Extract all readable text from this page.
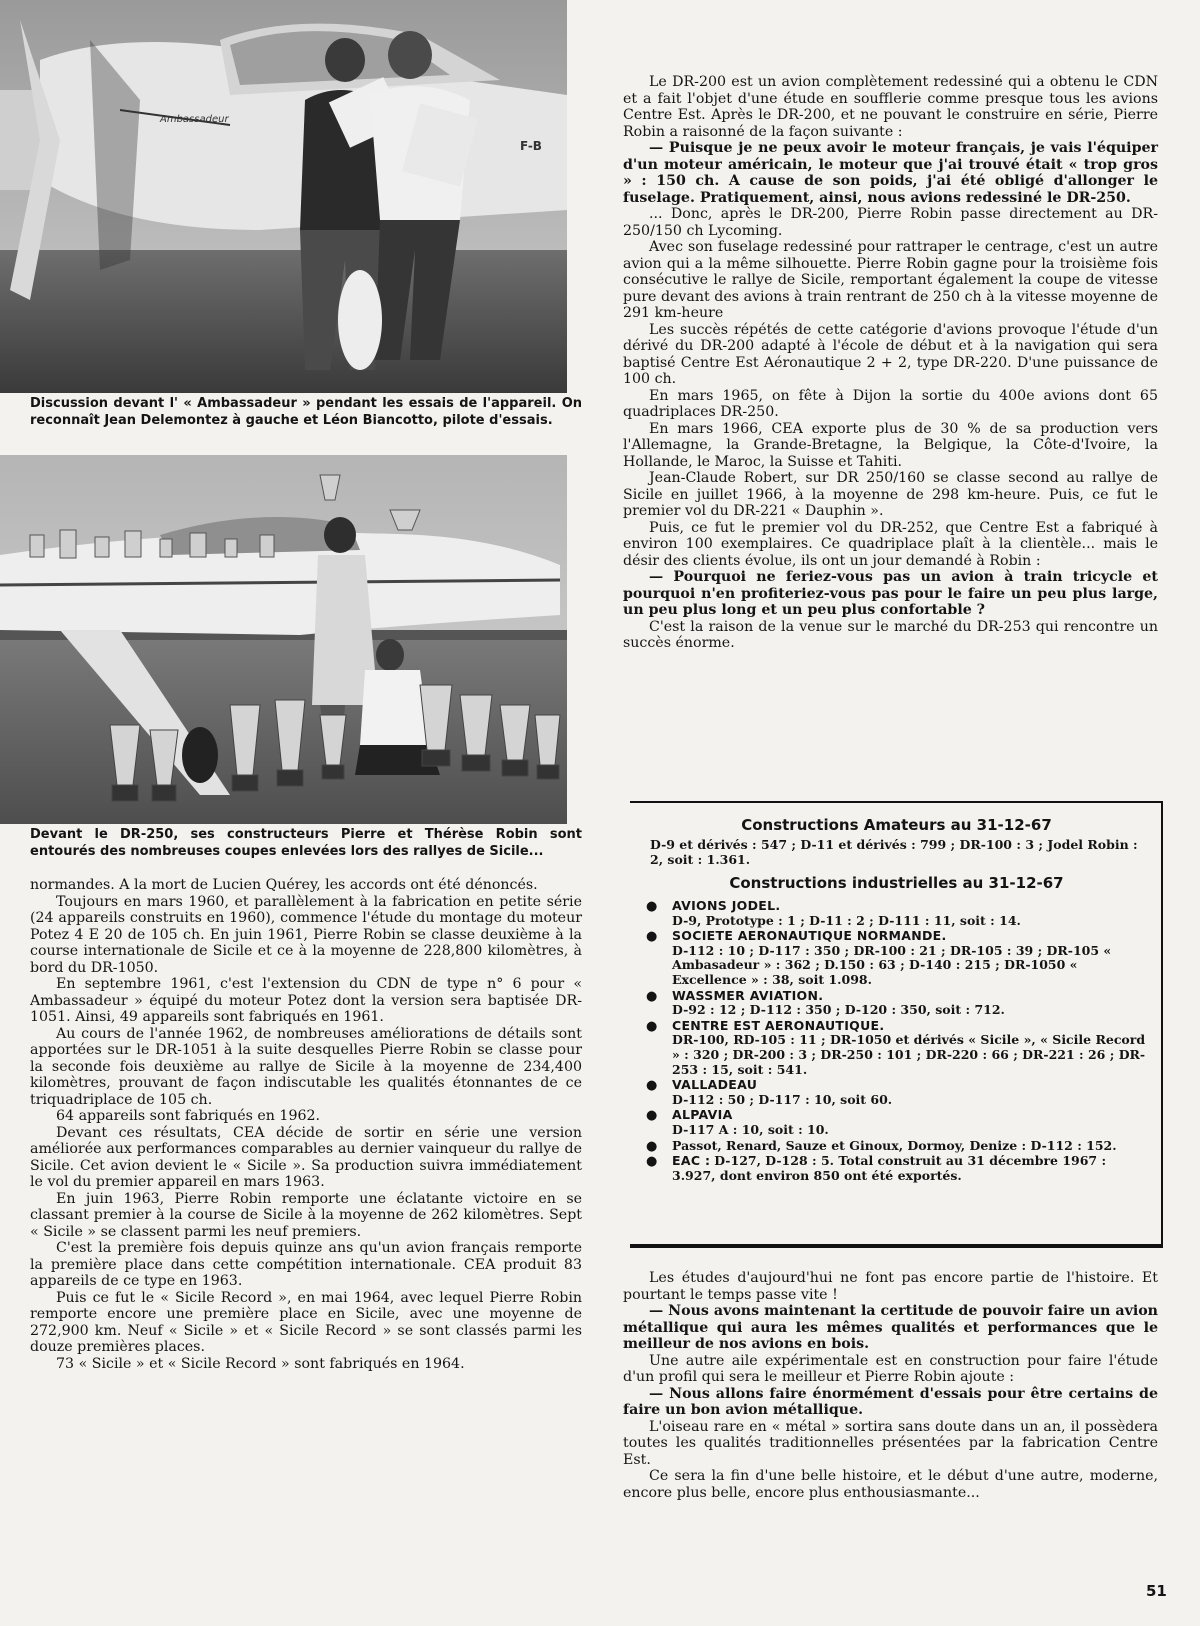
Ambassadeur
F-B
Discussion devant l' « Ambassadeur » pendant les essais de l'appareil. On reconnaît Jean Delemontez à gauche et Léon Biancotto, pilote d'essais.
Devant le DR-250, ses constructeurs Pierre et Thérèse Robin sont entourés des nombreuses coupes enlevées lors des rallyes de Sicile...

normandes. A la mort de Lucien Quérey, les accords ont été dénoncés.

Toujours en mars 1960, et parallèlement à la fabrication en petite série (24 appareils construits en 1960), commence l'étude du montage du moteur Potez 4 E 20 de 105 ch. En juin 1961, Pierre Robin se classe deuxième à la course internationale de Sicile et ce à la moyenne de 228,800 kilomètres, à bord du DR-1050.

En septembre 1961, c'est l'extension du CDN de type n° 6 pour « Ambassadeur » équipé du moteur Potez dont la version sera baptisée DR-1051. Ainsi, 49 appareils sont fabriqués en 1961.

Au cours de l'année 1962, de nombreuses améliorations de détails sont apportées sur le DR-1051 à la suite desquelles Pierre Robin se classe pour la seconde fois deuxième au rallye de Sicile à la moyenne de 234,400 kilomètres, prouvant de façon indiscutable les qualités étonnantes de ce triquadriplace de 105 ch.

64 appareils sont fabriqués en 1962.

Devant ces résultats, CEA décide de sortir en série une version améliorée aux performances comparables au dernier vainqueur du rallye de Sicile. Cet avion devient le « Sicile ». Sa production suivra immédiatement le vol du premier appareil en mars 1963.

En juin 1963, Pierre Robin remporte une éclatante victoire en se classant premier à la course de Sicile à la moyenne de 262 kilomètres. Sept « Sicile » se classent parmi les neuf premiers.

C'est la première fois depuis quinze ans qu'un avion français remporte la première place dans cette compétition internationale. CEA produit 83 appareils de ce type en 1963.

Puis ce fut le « Sicile Record », en mai 1964, avec lequel Pierre Robin remporte encore une première place en Sicile, avec une moyenne de 272,900 km. Neuf « Sicile » et « Sicile Record » se sont classés parmi les douze premières places.

73 « Sicile » et « Sicile Record » sont fabriqués en 1964.

Le DR-200 est un avion complètement redessiné qui a obtenu le CDN et a fait l'objet d'une étude en soufflerie comme presque tous les avions Centre Est. Après le DR-200, et ne pouvant le construire en série, Pierre Robin a raisonné de la façon suivante :

— Puisque je ne peux avoir le moteur français, je vais l'équiper d'un moteur américain, le moteur que j'ai trouvé était « trop gros » : 150 ch. A cause de son poids, j'ai été obligé d'allonger le fuselage. Pratiquement, ainsi, nous avions redessiné le DR-250.

... Donc, après le DR-200, Pierre Robin passe directement au DR-250/150 ch Lycoming.

Avec son fuselage redessiné pour rattraper le centrage, c'est un autre avion qui a la même silhouette. Pierre Robin gagne pour la troisième fois consécutive le rallye de Sicile, remportant également la coupe de vitesse pure devant des avions à train rentrant de 250 ch à la vitesse moyenne de 291 km-heure

Les succès répétés de cette catégorie d'avions provoque l'étude d'un dérivé du DR-200 adapté à l'école de début et à la navigation qui sera baptisé Centre Est Aéronautique 2 + 2, type DR-220. D'une puissance de 100 ch.

En mars 1965, on fête à Dijon la sortie du 400e avions dont 65 quadriplaces DR-250.

En mars 1966, CEA exporte plus de 30 % de sa production vers l'Allemagne, la Grande-Bretagne, la Belgique, la Côte-d'Ivoire, la Hollande, le Maroc, la Suisse et Tahiti.

Jean-Claude Robert, sur DR 250/160 se classe second au rallye de Sicile en juillet 1966, à la moyenne de 298 km-heure. Puis, ce fut le premier vol du DR-221 « Dauphin ».

Puis, ce fut le premier vol du DR-252, que Centre Est a fabriqué à environ 100 exemplaires. Ce quadriplace plaît à la clientèle... mais le désir des clients évolue, ils ont un jour demandé à Robin :

— Pourquoi ne feriez-vous pas un avion à train tricycle et pourquoi n'en profiteriez-vous pas pour le faire un peu plus large, un peu plus long et un peu plus confortable ?

C'est la raison de la venue sur le marché du DR-253 qui rencontre un succès énorme.

Constructions Amateurs au 31-12-67
D-9 et dérivés : 547 ; D-11 et dérivés : 799 ; DR-100 : 3 ; Jodel Robin : 2, soit : 1.361.
Constructions industrielles au 31-12-67
● AVIONS JODEL.
D-9, Prototype : 1 ; D-11 : 2 ; D-111 : 11, soit : 14.
● SOCIETE AERONAUTIQUE NORMANDE.
D-112 : 10 ; D-117 : 350 ; DR-100 : 21 ; DR-105 : 39 ; DR-105 « Ambasadeur » : 362 ; D.150 : 63 ; D-140 : 215 ; DR-1050 « Excellence » : 38, soit 1.098.
● WASSMER AVIATION.
D-92 : 12 ; D-112 : 350 ; D-120 : 350, soit : 712.
● CENTRE EST AERONAUTIQUE.
DR-100, RD-105 : 11 ; DR-1050 et dérivés « Sicile », « Sicile Record » : 320 ; DR-200 : 3 ; DR-250 : 101 ; DR-220 : 66 ; DR-221 : 26 ; DR-253 : 15, soit : 541.
● VALLADEAU
D-112 : 50 ; D-117 : 10, soit 60.
● ALPAVIA
D-117 A : 10, soit : 10.
● Passot, Renard, Sauze et Ginoux, Dormoy, Denize : D-112 : 152.
● EAC : D-127, D-128 : 5. Total construit au 31 décembre 1967 : 3.927, dont environ 850 ont été exportés.

Les études d'aujourd'hui ne font pas encore partie de l'histoire. Et pourtant le temps passe vite !

— Nous avons maintenant la certitude de pouvoir faire un avion métallique qui aura les mêmes qualités et performances que le meilleur de nos avions en bois.

Une autre aile expérimentale est en construction pour faire l'étude d'un profil qui sera le meilleur et Pierre Robin ajoute :

— Nous allons faire énormément d'essais pour être certains de faire un bon avion métallique.

L'oiseau rare en « métal » sortira sans doute dans un an, il possèdera toutes les qualités traditionnelles présentées par la fabrication Centre Est.

Ce sera la fin d'une belle histoire, et le début d'une autre, moderne, encore plus belle, encore plus enthousiasmante...

51
